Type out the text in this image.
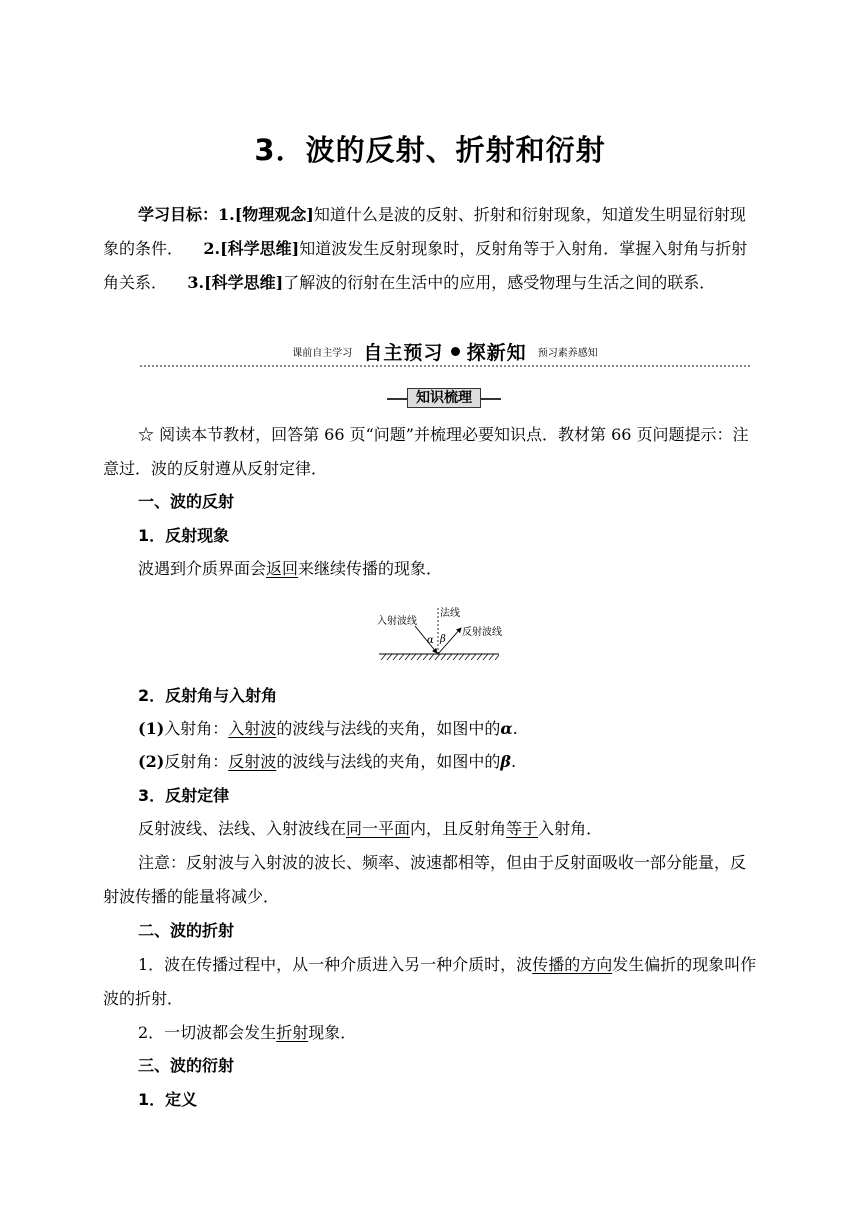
3．波的反射、折射和衍射
学习目标：1.[物理观念]知道什么是波的反射、折射和衍射现象，知道发生明显衍射现象的条件． 2.[科学思维]知道波发生反射现象时，反射角等于入射角．掌握入射角与折射角关系． 3.[科学思维]了解波的衍射在生活中的应用，感受物理与生活之间的联系．
课前自主学习 自主预习 探新知 预习素养感知
知识梳理
☆ 阅读本节教材，回答第 66 页“问题”并梳理必要知识点．教材第 66 页问题提示：注意过．波的反射遵从反射定律．
一、波的反射
1．反射现象
波遇到介质界面会返回来继续传播的现象．
入射波线
法线
反射波线
α β
2．反射角与入射角
(1)入射角：入射波的波线与法线的夹角，如图中的α.
(2)反射角：反射波的波线与法线的夹角，如图中的β.
3．反射定律
反射波线、法线、入射波线在同一平面内，且反射角等于入射角．
注意：反射波与入射波的波长、频率、波速都相等，但由于反射面吸收一部分能量，反射波传播的能量将减少．
二、波的折射
1．波在传播过程中，从一种介质进入另一种介质时，波传播的方向发生偏折的现象叫作波的折射．
2．一切波都会发生折射现象．
三、波的衍射
1．定义
